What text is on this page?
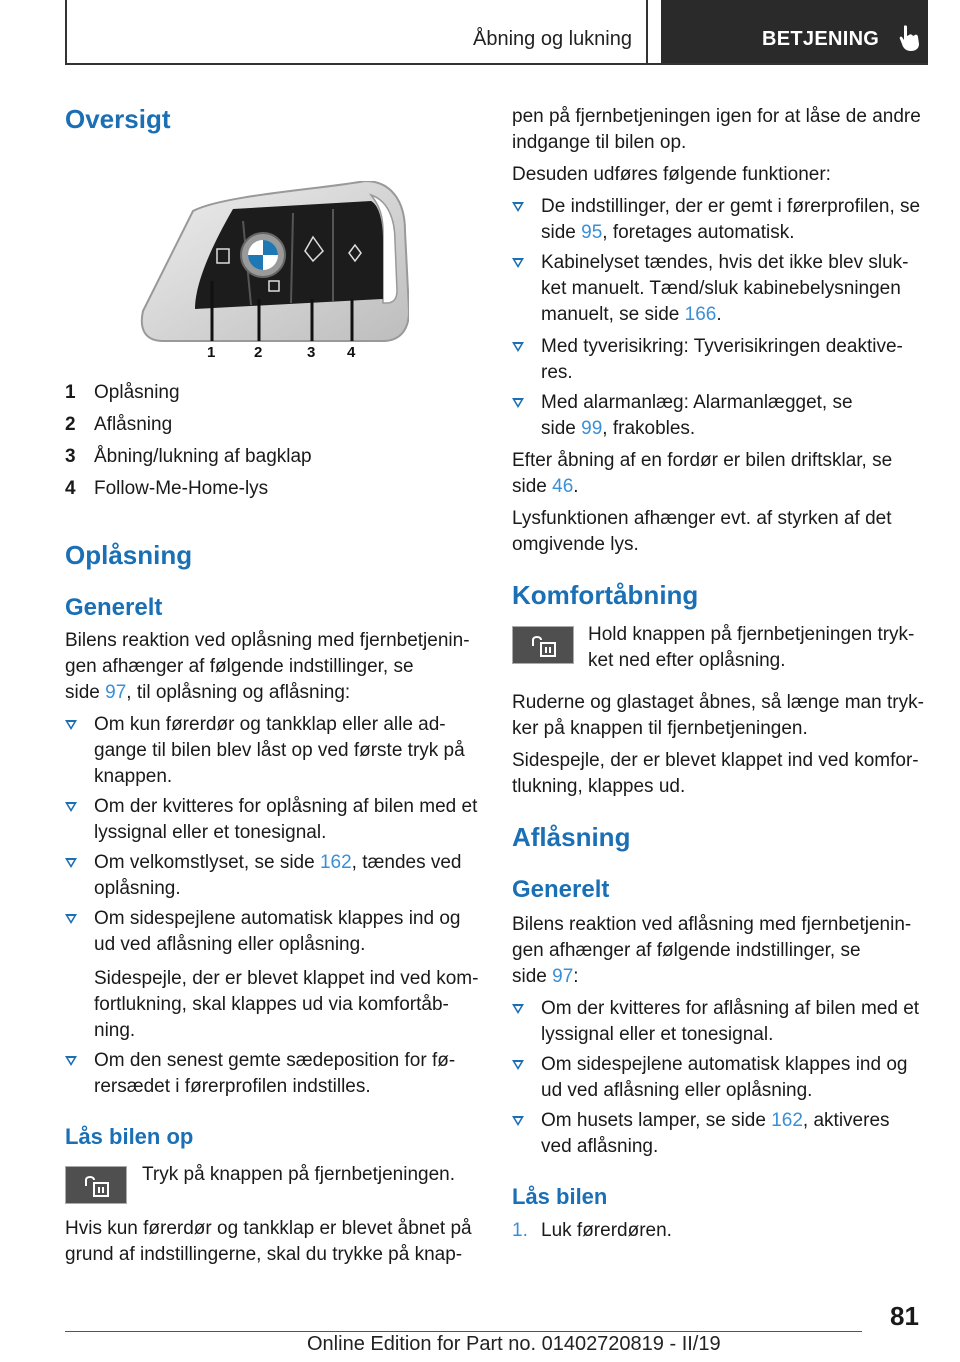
Åbning og lukning	BETJENING
Oversigt
1	2	3 4
1 Oplåsning
2 Aflåsning
3 Åbning/lukning af bagklap
4 Follow-Me-Home-lys
Oplåsning
Generelt
Bilens reaktion ved oplåsning med fjernbetjenin-
gen afhænger af følgende indstillinger, se
side 97, til oplåsning og aflåsning:
Om kun førerdør og tankklap eller alle ad-
gange til bilen blev låst op ved første tryk på
knappen.
Om der kvitteres for oplåsning af bilen med et
lyssignal eller et tonesignal.
Om velkomstlyset, se side 162, tændes ved
oplåsning.
Om sidespejlene automatisk klappes ind og
ud ved aflåsning eller oplåsning.
Sidespejle, der er blevet klappet ind ved kom-
fortlukning, skal klappes ud via komfortåb-
ning.
Om den senest gemte sædeposition for fø-
rersædet i førerprofilen indstilles.
Lås bilen op
Tryk på knappen på fjernbetjeningen.
Hvis kun førerdør og tankklap er blevet åbnet på
grund af indstillingerne, skal du trykke på knap-
pen på fjernbetjeningen igen for at låse de andre
indgange til bilen op.
Desuden udføres følgende funktioner:
De indstillinger, der er gemt i førerprofilen, se
side 95, foretages automatisk.
Kabinelyset tændes, hvis det ikke blev sluk-
ket manuelt. Tænd/sluk kabinebelysningen
manuelt, se side 166.
Med tyverisikring: Tyverisikringen deaktive-
res.
Med alarmanlæg: Alarmanlægget, se
side 99, frakobles.
Efter åbning af en fordør er bilen driftsklar, se
side 46.
Lysfunktionen afhænger evt. af styrken af det
omgivende lys.
Komfortåbning
Hold knappen på fjernbetjeningen tryk-
ket ned efter oplåsning.
Ruderne og glastaget åbnes, så længe man tryk-
ker på knappen til fjernbetjeningen.
Sidespejle, der er blevet klappet ind ved komfor-
tlukning, klappes ud.
Aflåsning
Generelt
Bilens reaktion ved aflåsning med fjernbetjenin-
gen afhænger af følgende indstillinger, se
side 97:
Om der kvitteres for aflåsning af bilen med et
lyssignal eller et tonesignal.
Om sidespejlene automatisk klappes ind og
ud ved aflåsning eller oplåsning.
Om husets lamper, se side 162, aktiveres
ved aflåsning.
Lås bilen
1. Luk førerdøren.
81
Online Edition for Part no. 01402720819 - II/19
